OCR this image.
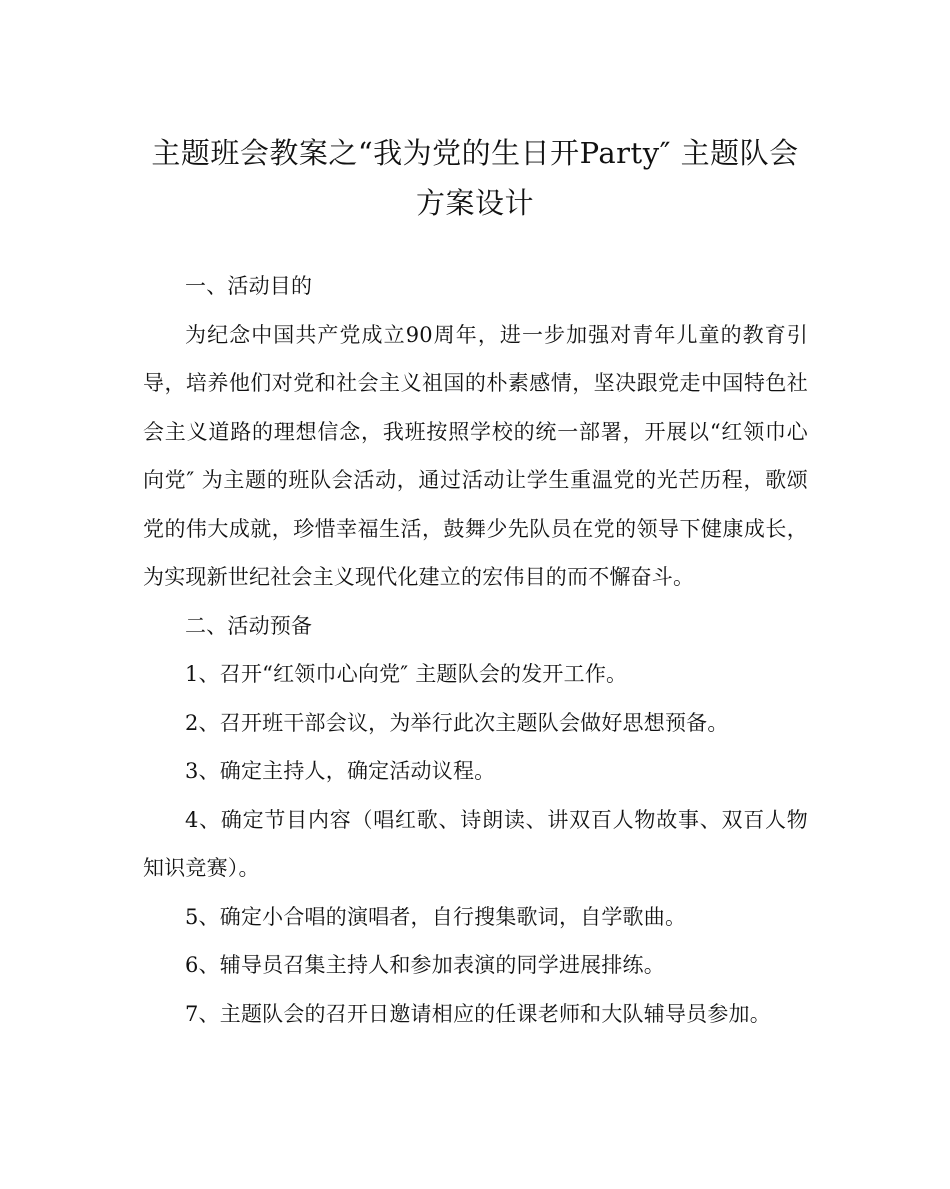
主题班会教案之“我为党的生日开Party″ 主题队会方案设计

一、活动目的

为纪念中国共产党成立90周年，进一步加强对青年儿童的教育引导，培养他们对党和社会主义祖国的朴素感情，坚决跟党走中国特色社会主义道路的理想信念，我班按照学校的统一部署，开展以“红领巾心向党″ 为主题的班队会活动，通过活动让学生重温党的光芒历程，歌颂党的伟大成就，珍惜幸福生活，鼓舞少先队员在党的领导下健康成长，为实现新世纪社会主义现代化建立的宏伟目的而不懈奋斗。

二、活动预备

1、召开“红领巾心向党″ 主题队会的发开工作。

2、召开班干部会议，为举行此次主题队会做好思想预备。

3、确定主持人，确定活动议程。

4、确定节目内容（唱红歌、诗朗读、讲双百人物故事、双百人物知识竞赛）。

5、确定小合唱的演唱者，自行搜集歌词，自学歌曲。

6、辅导员召集主持人和参加表演的同学进展排练。

7、主题队会的召开日邀请相应的任课老师和大队辅导员参加。
